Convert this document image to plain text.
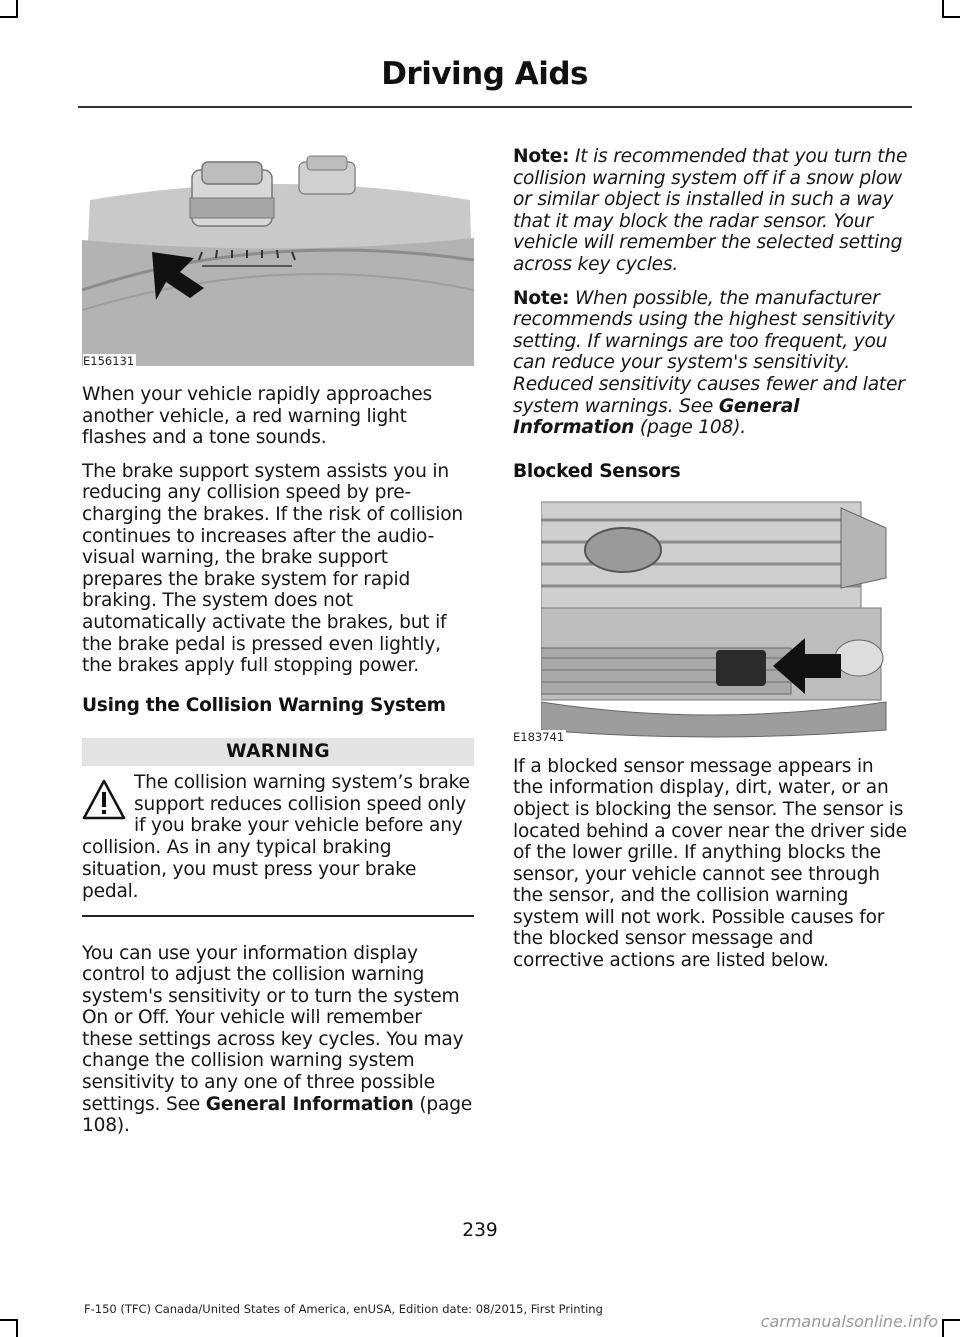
Driving Aids
E156131

When your vehicle rapidly approaches another vehicle, a red warning light flashes and a tone sounds.

The brake support system assists you in reducing any collision speed by pre-charging the brakes. If the risk of collision continues to increases after the audio-visual warning, the brake support prepares the brake system for rapid braking. The system does not automatically activate the brakes, but if the brake pedal is pressed even lightly, the brakes apply full stopping power.

Using the Collision Warning System
WARNING
The collision warning system’s brake support reduces collision speed only if you brake your vehicle before any collision. As in any typical braking situation, you must press your brake pedal.

You can use your information display control to adjust the collision warning system's sensitivity or to turn the system On or Off. Your vehicle will remember these settings across key cycles. You may change the collision warning system sensitivity to any one of three possible settings. See General Information (page 108).

Note: It is recommended that you turn the collision warning system off if a snow plow or similar object is installed in such a way that it may block the radar sensor. Your vehicle will remember the selected setting across key cycles.

Note: When possible, the manufacturer recommends using the highest sensitivity setting. If warnings are too frequent, you can reduce your system's sensitivity. Reduced sensitivity causes fewer and later system warnings. See General Information (page 108).

Blocked Sensors
E183741

If a blocked sensor message appears in the information display, dirt, water, or an object is blocking the sensor. The sensor is located behind a cover near the driver side of the lower grille. If anything blocks the sensor, your vehicle cannot see through the sensor, and the collision warning system will not work. Possible causes for the blocked sensor message and corrective actions are listed below.

239
F-150 (TFC) Canada/United States of America, enUSA, Edition date: 08/2015, First Printing
carmanualsonline.info
